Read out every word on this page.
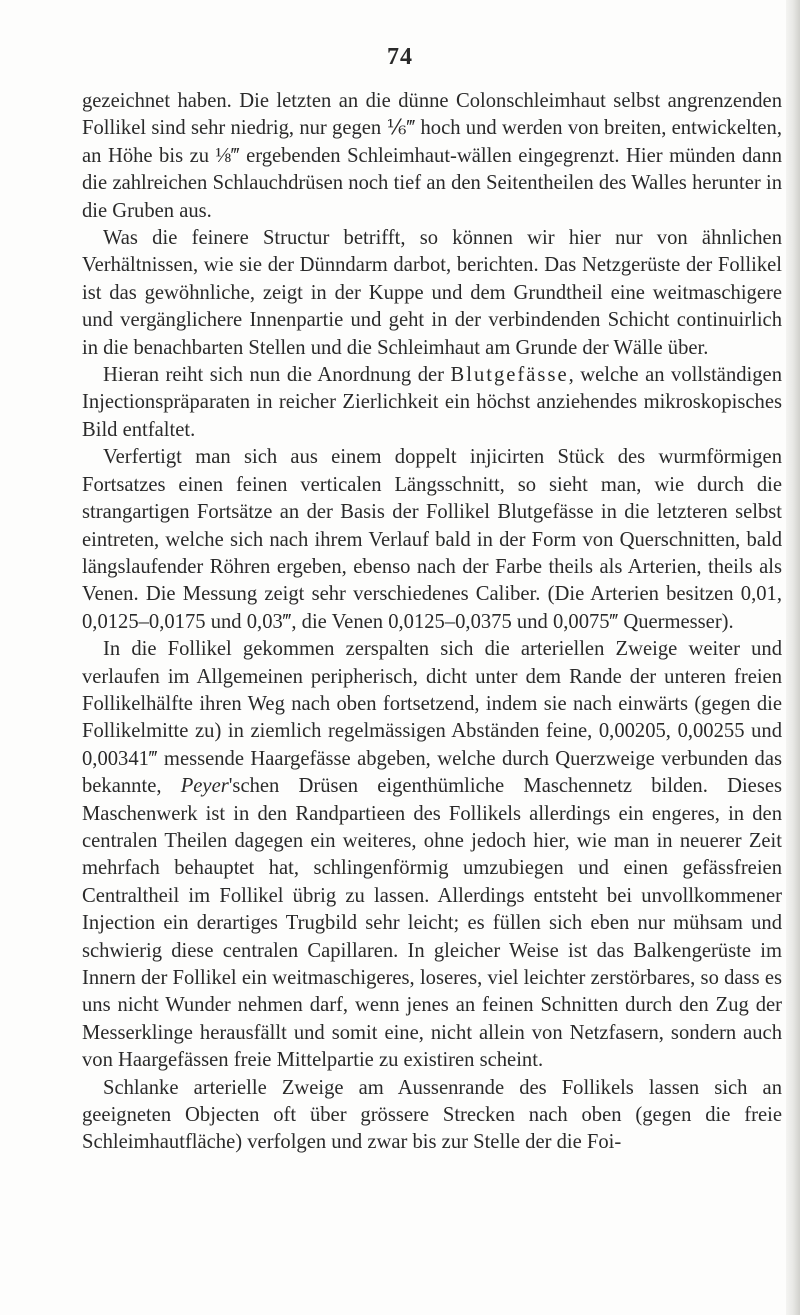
74

gezeichnet haben. Die letzten an die dünne Colonschleimhaut selbst angrenzenden Follikel sind sehr niedrig, nur gegen ⅙‴ hoch und werden von breiten, entwickelten, an Höhe bis zu ⅛‴ ergebenden Schleimhaut-wällen eingegrenzt. Hier münden dann die zahlreichen Schlauchdrüsen noch tief an den Seitentheilen des Walles herunter in die Gruben aus.

Was die feinere Structur betrifft, so können wir hier nur von ähnlichen Verhältnissen, wie sie der Dünndarm darbot, berichten. Das Netzgerüste der Follikel ist das gewöhnliche, zeigt in der Kuppe und dem Grundtheil eine weitmaschigere und vergänglichere Innenpartie und geht in der verbindenden Schicht continuirlich in die benachbarten Stellen und die Schleimhaut am Grunde der Wälle über.

Hieran reiht sich nun die Anordnung der Blutgefässe, welche an vollständigen Injectionspräparaten in reicher Zierlichkeit ein höchst anziehendes mikroskopisches Bild entfaltet.

Verfertigt man sich aus einem doppelt injicirten Stück des wurmförmigen Fortsatzes einen feinen verticalen Längsschnitt, so sieht man, wie durch die strangartigen Fortsätze an der Basis der Follikel Blutgefässe in die letzteren selbst eintreten, welche sich nach ihrem Verlauf bald in der Form von Querschnitten, bald längslaufender Röhren ergeben, ebenso nach der Farbe theils als Arterien, theils als Venen. Die Messung zeigt sehr verschiedenes Caliber. (Die Arterien besitzen 0,01, 0,0125–0,0175 und 0,03‴, die Venen 0,0125–0,0375 und 0,0075‴ Quermesser).

In die Follikel gekommen zerspalten sich die arteriellen Zweige weiter und verlaufen im Allgemeinen peripherisch, dicht unter dem Rande der unteren freien Follikelhälfte ihren Weg nach oben fortsetzend, indem sie nach einwärts (gegen die Follikelmitte zu) in ziemlich regelmässigen Abständen feine, 0,00205, 0,00255 und 0,00341‴ messende Haargefässe abgeben, welche durch Querzweige verbunden das bekannte, Peyer'schen Drüsen eigenthümliche Maschennetz bilden. Dieses Maschenwerk ist in den Randpartieen des Follikels allerdings ein engeres, in den centralen Theilen dagegen ein weiteres, ohne jedoch hier, wie man in neuerer Zeit mehrfach behauptet hat, schlingenförmig umzubiegen und einen gefässfreien Centraltheil im Follikel übrig zu lassen. Allerdings entsteht bei unvollkommener Injection ein derartiges Trugbild sehr leicht; es füllen sich eben nur mühsam und schwierig diese centralen Capillaren. In gleicher Weise ist das Balkengerüste im Innern der Follikel ein weitmaschigeres, loseres, viel leichter zerstörbares, so dass es uns nicht Wunder nehmen darf, wenn jenes an feinen Schnitten durch den Zug der Messerklinge herausfällt und somit eine, nicht allein von Netzfasern, sondern auch von Haargefässen freie Mittelpartie zu existiren scheint.

Schlanke arterielle Zweige am Aussenrande des Follikels lassen sich an geeigneten Objecten oft über grössere Strecken nach oben (gegen die freie Schleimhautfläche) verfolgen und zwar bis zur Stelle der die Foi-
